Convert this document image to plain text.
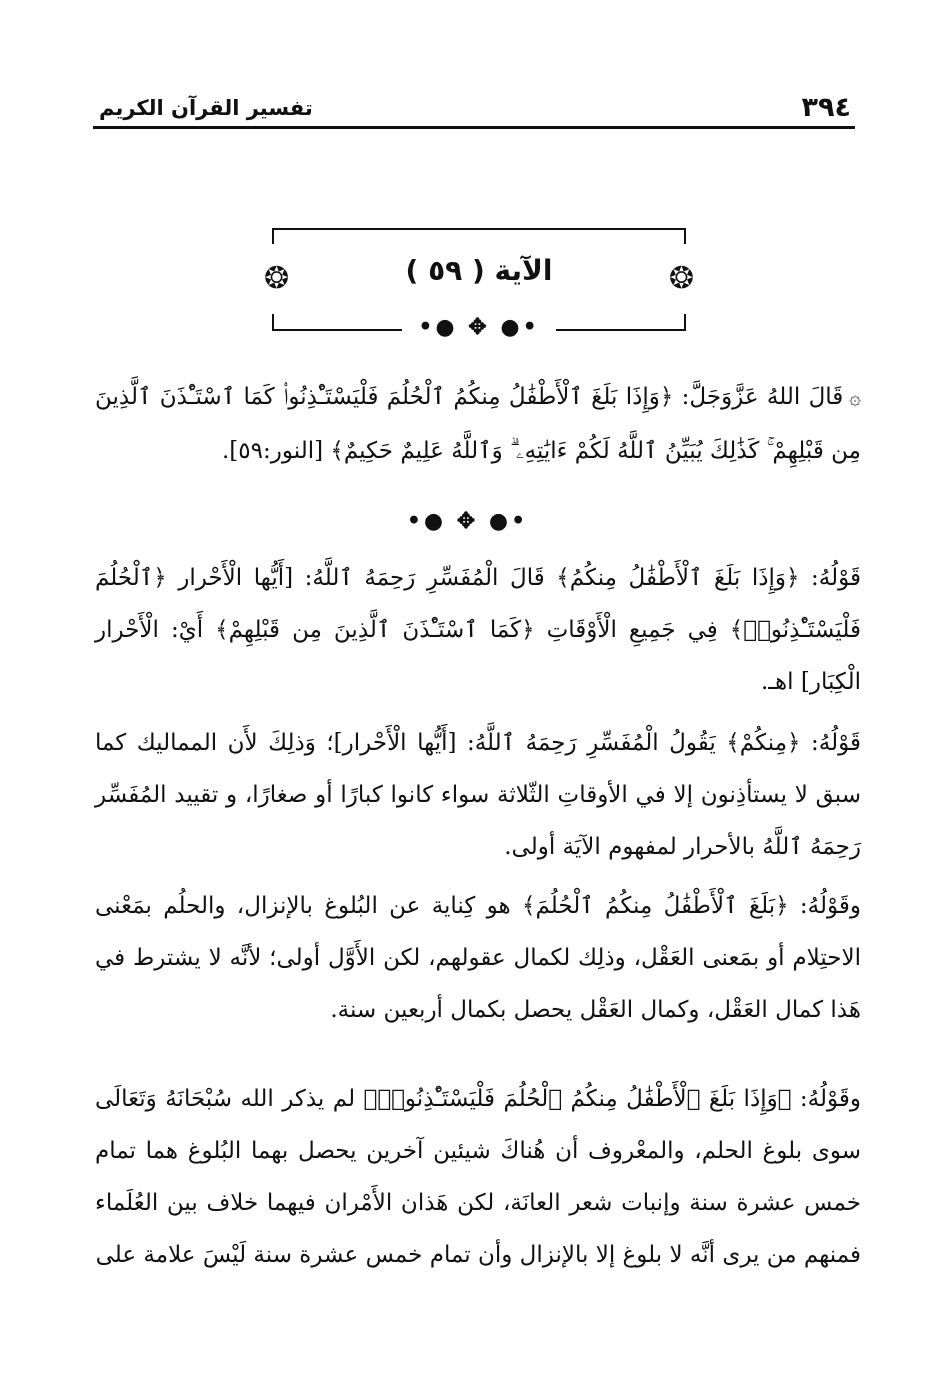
٣٩٤
تفسير القرآن الكريم
❂	❂
الآية ( ٥٩ )
•● ✥ ●•
۞قَالَ اللهُ عَزَّوَجَلَّ: ﴿وَإِذَا بَلَغَ ٱلْأَطْفَٰلُ مِنكُمُ ٱلْحُلُمَ فَلْيَسْتَـْٔذِنُوا۟ كَمَا ٱسْتَـْٔذَنَ ٱلَّذِينَ مِن قَبْلِهِمْ ۚ كَذَٰلِكَ يُبَيِّنُ ٱللَّهُ لَكُمْ ءَايَٰتِهِۦ ۗ وَٱللَّهُ عَلِيمٌ حَكِيمٌ﴾ [النور:٥٩].
•● ✥ ●•
قَوْلُهُ: ﴿وَإِذَا بَلَغَ ٱلْأَطْفَٰلُ مِنكُمُ﴾ قَالَ الْمُفَسِّرِ رَحِمَهُ ٱللَّهُ: [أَيُّها الْأَحْرار ﴿ٱلْحُلُمَ فَلْيَسْتَـْٔذِنُوا۟﴾ فِي جَمِيعِ الْأَوْقَاتِ ﴿كَمَا ٱسْتَـْٔذَنَ ٱلَّذِينَ مِن قَبْلِهِمْ﴾ أَيْ: الْأَحْرار الْكِبَار] اهـ.
قَوْلُهُ: ﴿مِنكُمْ﴾ يَقُولُ الْمُفَسِّرِ رَحِمَهُ ٱللَّهُ: [أَيُّها الْأَحْرار]؛ وَذلِكَ لأَن المماليك كما سبق لا يستأذِنون إلا في الأوقاتِ الثّلاثة سواء كانوا كبارًا أو صغارًا، و تقييد المُفَسِّر رَحِمَهُ ٱللَّهُ بالأحرار لمفهوم الآيَة أولى.
وقَوْلُهُ: ﴿بَلَغَ ٱلْأَطْفَٰلُ مِنكُمُ ٱلْحُلُمَ﴾ هو كِناية عن البُلوغ بالإنزال، والحلُم بمَعْنى الاحتِلام أو بمَعنى العَقْل، وذلِك لكمال عقولهم، لكن الأَوَّل أولى؛ لأنَّه لا يشترط في هَذا كمال العَقْل، وكمال العَقْل يحصل بكمال أربعين سنة.
وقَوْلُهُ: ﴿وَإِذَا بَلَغَ ٱلْأَطْفَٰلُ مِنكُمُ ٱلْحُلُمَ فَلْيَسْتَـْٔذِنُوا۟﴾ لم يذكر الله سُبْحَانَهُ وَتَعَالَى سوى بلوغ الحلم، والمعْروف أن هُناكَ شيئين آخرين يحصل بهما البُلوغ هما تمام خمس عشرة سنة وإنبات شعر العانَة، لكن هَذان الأَمْران فيهما خلاف بين العُلَماء فمنهم من يرى أنَّه لا بلوغ إلا بالإنزال وأن تمام خمس عشرة سنة لَيْسَ علامة على
